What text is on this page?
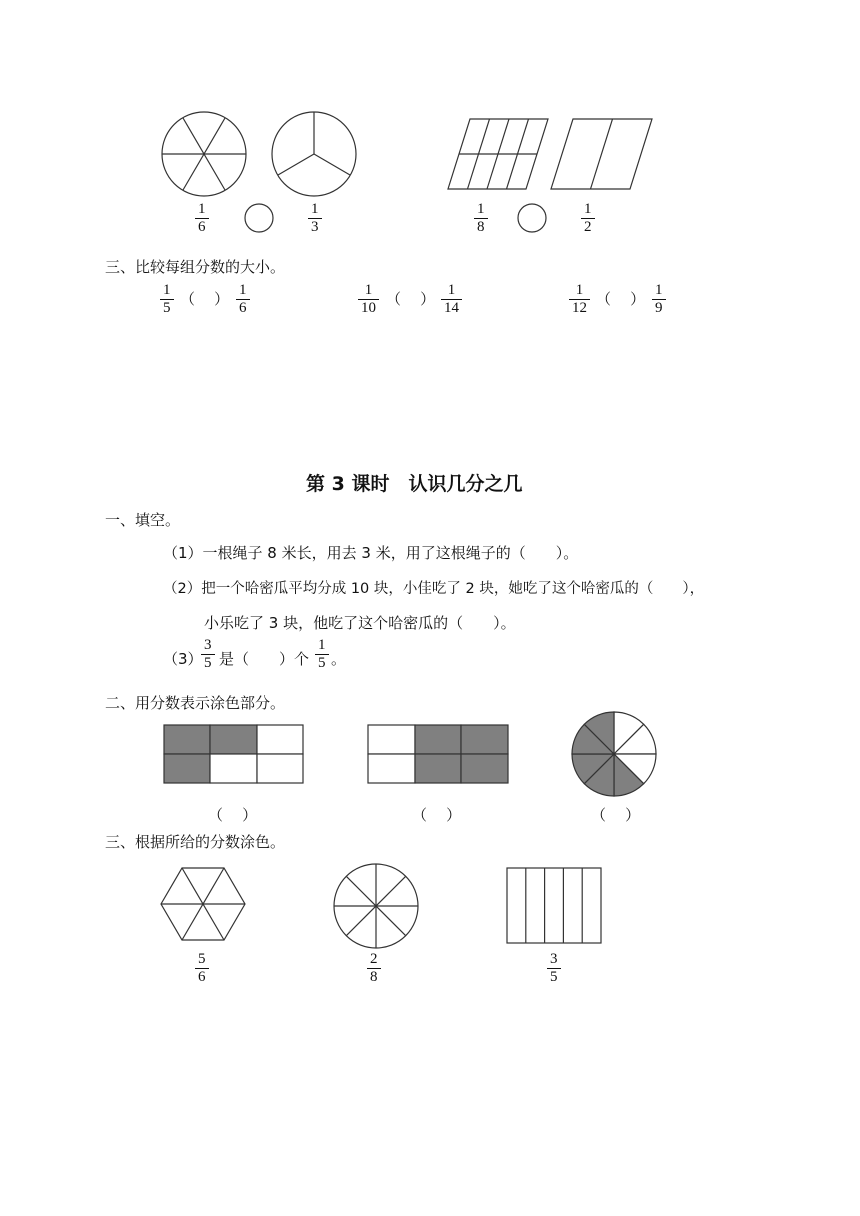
$\frac{1}{6}$	$\frac{1}{3}$	$\frac{1}{8}$	$\frac{1}{2}$
三、比较每组分数的大小。
$\frac{1}{5}$ （    ） $\frac{1}{6}$	$\frac{1}{10}$ （    ） $\frac{1}{14}$	$\frac{1}{12}$ （    ） $\frac{1}{9}$
第 3 课时　认识几分之几
一、填空。
（1）一根绳子 8 米长，用去 3 米，用了这根绳子的（　　）。
（2）把一个哈密瓜平均分成 10 块，小佳吃了 2 块，她吃了这个哈密瓜的（　　），
小乐吃了 3 块，他吃了这个哈密瓜的（　　）。
（3）
$\frac{3}{5}$ 是（　　）个 $\frac{1}{5}$ 。
二、用分数表示涂色部分。
（    ）	（    ）	（    ）
三、根据所给的分数涂色。
$\frac{5}{6}$	$\frac{2}{8}$	$\frac{3}{5}$
